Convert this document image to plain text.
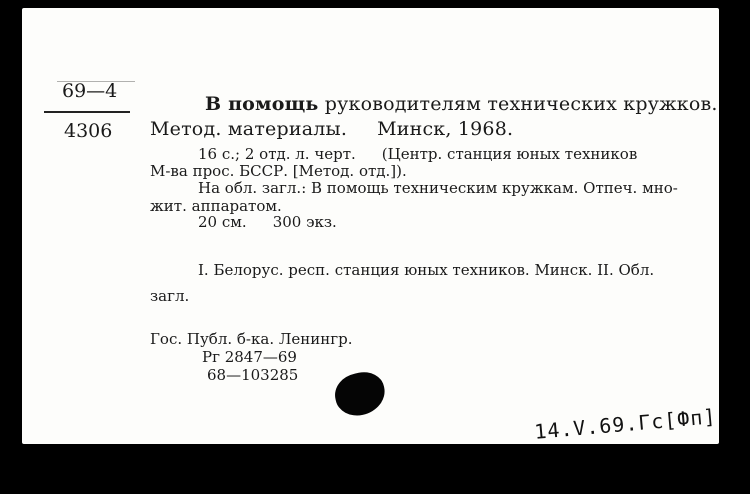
69—4
4306
В помощь руководителям технических кружков.
Метод. материалы. Минск, 1968.
16 с.; 2 отд. л. черт. (Центр. станция юных техников
М-ва прос. БССР. [Метод. отд.]).
На обл. загл.: В помощь техническим кружкам. Отпеч. мно-
жит. аппаратом.
20 см. 300 экз.
I. Белорус. респ. станция юных техников. Минск. II. Обл.
загл.
Гос. Публ. б-ка. Ленингр.
Рг 2847—69
68—103285
14.V.69.Гс[Фп]
